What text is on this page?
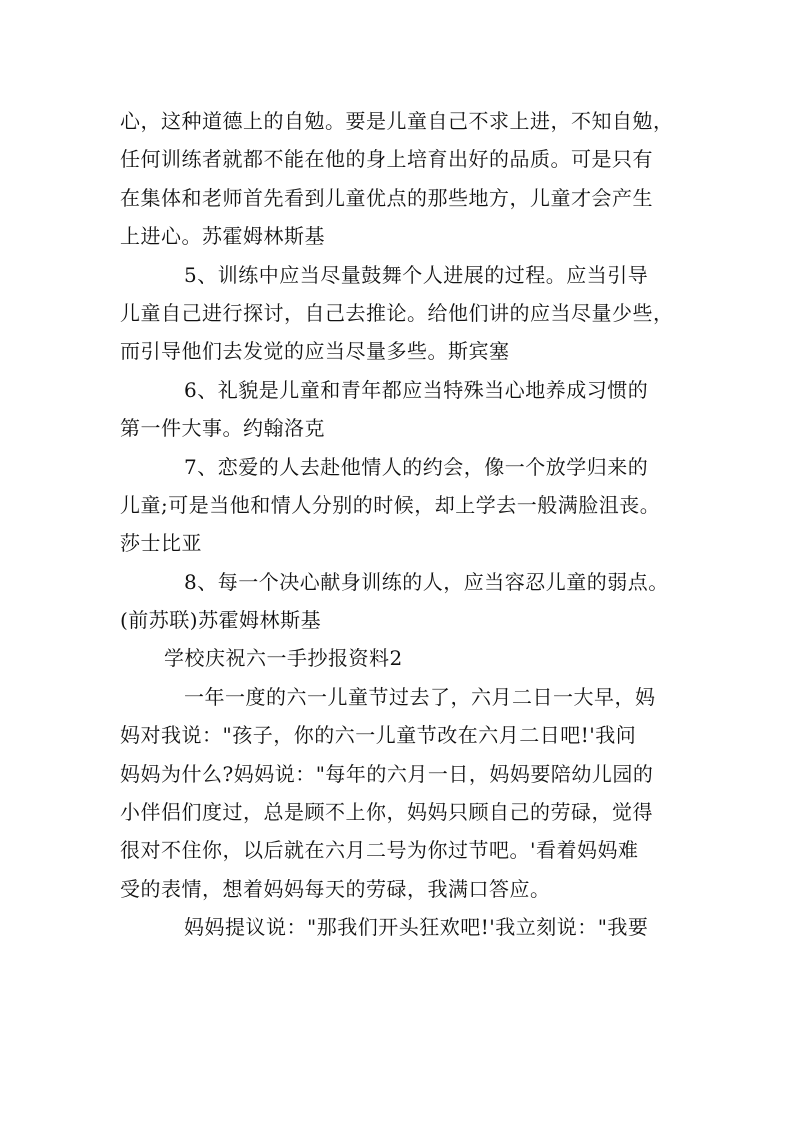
心，这种道德上的自勉。要是儿童自己不求上进，不知自勉，
任何训练者就都不能在他的身上培育出好的品质。可是只有
在集体和老师首先看到儿童优点的那些地方，儿童才会产生
上进心。苏霍姆林斯基
5、训练中应当尽量鼓舞个人进展的过程。应当引导
儿童自己进行探讨，自己去推论。给他们讲的应当尽量少些，
而引导他们去发觉的应当尽量多些。斯宾塞
6、礼貌是儿童和青年都应当特殊当心地养成习惯的
第一件大事。约翰洛克
7、恋爱的人去赴他情人的约会，像一个放学归来的
儿童;可是当他和情人分别的时候，却上学去一般满脸沮丧。
莎士比亚
8、每一个决心献身训练的人，应当容忍儿童的弱点。
(前苏联)苏霍姆林斯基
学校庆祝六一手抄报资料2
一年一度的六一儿童节过去了，六月二日一大早，妈
妈对我说："孩子，你的六一儿童节改在六月二日吧!'我问
妈妈为什么?妈妈说："每年的六月一日，妈妈要陪幼儿园的
小伴侣们度过，总是顾不上你，妈妈只顾自己的劳碌，觉得
很对不住你，以后就在六月二号为你过节吧。'看着妈妈难
受的表情，想着妈妈每天的劳碌，我满口答应。
妈妈提议说："那我们开头狂欢吧!'我立刻说："我要
